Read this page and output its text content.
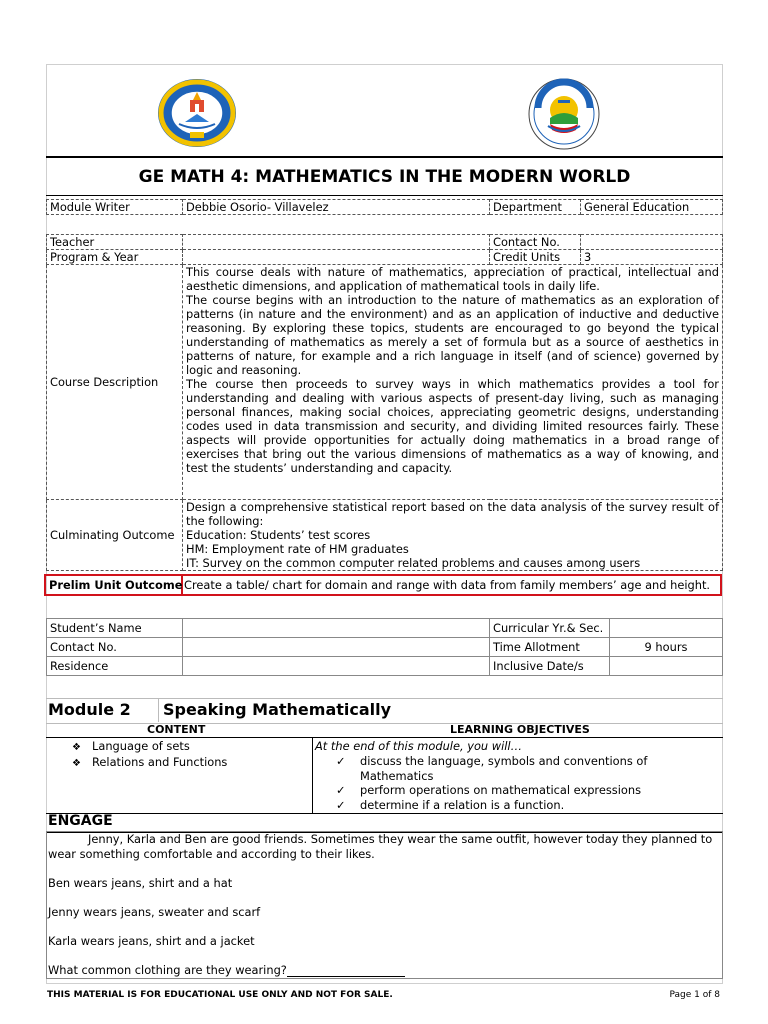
GE MATH 4: MATHEMATICS IN THE MODERN WORLD
Module Writer	Debbie Osorio- Villavelez	Department	General Education
Teacher		Contact No.	
Program & Year		Credit Units	3
Course Description	This course deals with nature of mathematics, appreciation of practical, intellectual and aesthetic dimensions, and application of mathematical tools in daily life.

The course begins with an introduction to the nature of mathematics as an exploration of patterns (in nature and the environment) and as an application of inductive and deductive reasoning. By exploring these topics, students are encouraged to go beyond the typical understanding of mathematics as merely a set of formula but as a source of aesthetics in patterns of nature, for example and a rich language in itself (and of science) governed by logic and reasoning.

The course then proceeds to survey ways in which mathematics provides a tool for understanding and dealing with various aspects of present-day living, such as managing personal finances, making social choices, appreciating geometric designs, understanding codes used in data transmission and security, and dividing limited resources fairly. These aspects will provide opportunities for actually doing mathematics in a broad range of exercises that bring out the various dimensions of mathematics as a way of knowing, and test the students’ understanding and capacity.		

Culminating Outcome	Design a comprehensive statistical report based on the data analysis of the survey result of the following:

Education: Students’ test scores

HM: Employment rate of HM graduates

IT: Survey on the common computer related problems and causes among users		

Prelim Unit Outcome Create a table/ chart for domain and range with data from family members’ age and height.
Student’s Name		Curricular Yr.& Sec.	
Contact No.		Time Allotment	9 hours
Residence		Inclusive Date/s	
Module 2 Speaking Mathematically
CONTENT	LEARNING OBJECTIVES
❖ Language of sets
❖ Relations and Functions
At the end of this module, you will…
✓ discuss the language, symbols and conventions of Mathematics
✓ perform operations on mathematical expressions
✓ determine if a relation is a function.
ENGAGE

Jenny, Karla and Ben are good friends. Sometimes they wear the same outfit, however today they planned to wear something comfortable and according to their likes.

Ben wears jeans, shirt and a hat

Jenny wears jeans, sweater and scarf

Karla wears jeans, shirt and a jacket

What common clothing are they wearing?

THIS MATERIAL IS FOR EDUCATIONAL USE ONLY AND NOT FOR SALE.	Page 1 of 8
